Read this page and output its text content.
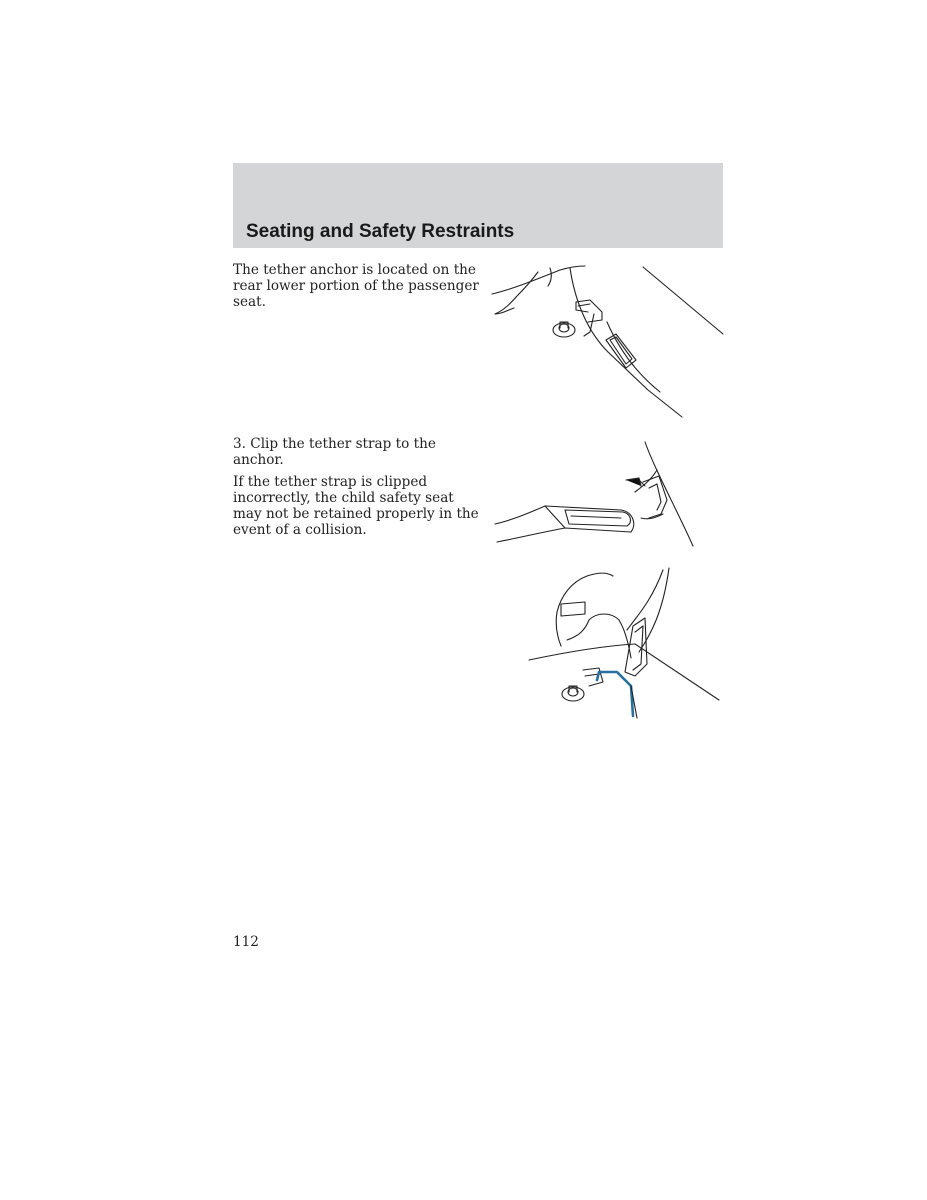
Seating and Safety Restraints

The tether anchor is located on the rear lower portion of the passenger seat.

3. Clip the tether strap to the anchor.

If the tether strap is clipped incorrectly, the child safety seat may not be retained properly in the event of a collision.

112
